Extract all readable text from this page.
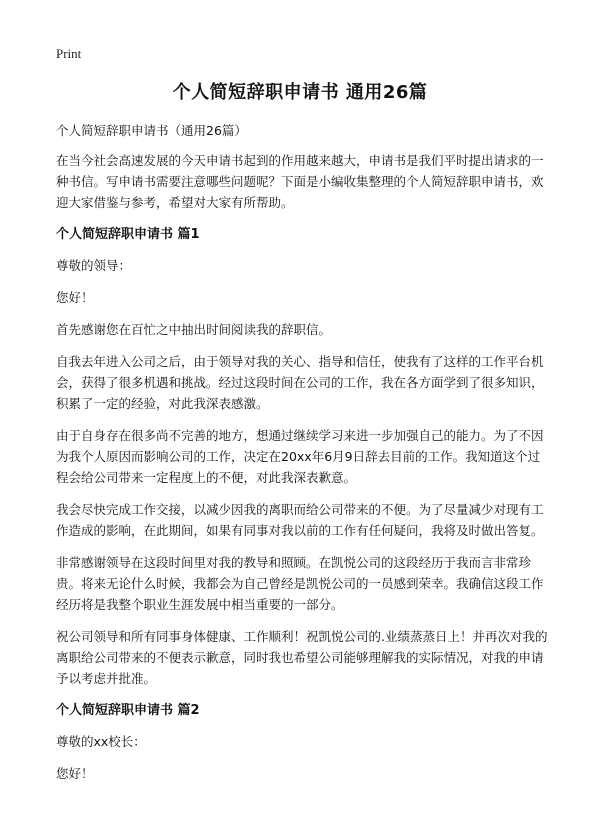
Print
个人简短辞职申请书 通用26篇
个人简短辞职申请书（通用26篇）
在当今社会高速发展的今天申请书起到的作用越来越大，申请书是我们平时提出请求的一种书信。写申请书需要注意哪些问题呢？下面是小编收集整理的个人简短辞职申请书，欢迎大家借鉴与参考，希望对大家有所帮助。
个人简短辞职申请书 篇1
尊敬的领导：
您好！
首先感谢您在百忙之中抽出时间阅读我的辞职信。
自我去年进入公司之后，由于领导对我的关心、指导和信任，使我有了这样的工作平台机会，获得了很多机遇和挑战。经过这段时间在公司的工作，我在各方面学到了很多知识，积累了一定的经验，对此我深表感激。
由于自身存在很多尚不完善的地方，想通过继续学习来进一步加强自己的能力。为了不因为我个人原因而影响公司的工作，决定在20xx年6月9日辞去目前的工作。我知道这个过程会给公司带来一定程度上的不便，对此我深表歉意。
我会尽快完成工作交接，以减少因我的离职而给公司带来的不便。为了尽量减少对现有工作造成的影响，在此期间，如果有同事对我以前的工作有任何疑问，我将及时做出答复。
非常感谢领导在这段时间里对我的教导和照顾。在凯悦公司的这段经历于我而言非常珍贵。将来无论什么时候，我都会为自己曾经是凯悦公司的一员感到荣幸。我确信这段工作经历将是我整个职业生涯发展中相当重要的一部分。
祝公司领导和所有同事身体健康、工作顺利！祝凯悦公司的.业绩蒸蒸日上！并再次对我的离职给公司带来的不便表示歉意，同时我也希望公司能够理解我的实际情况，对我的申请予以考虑并批准。
个人简短辞职申请书 篇2
尊敬的xx校长：
您好！
